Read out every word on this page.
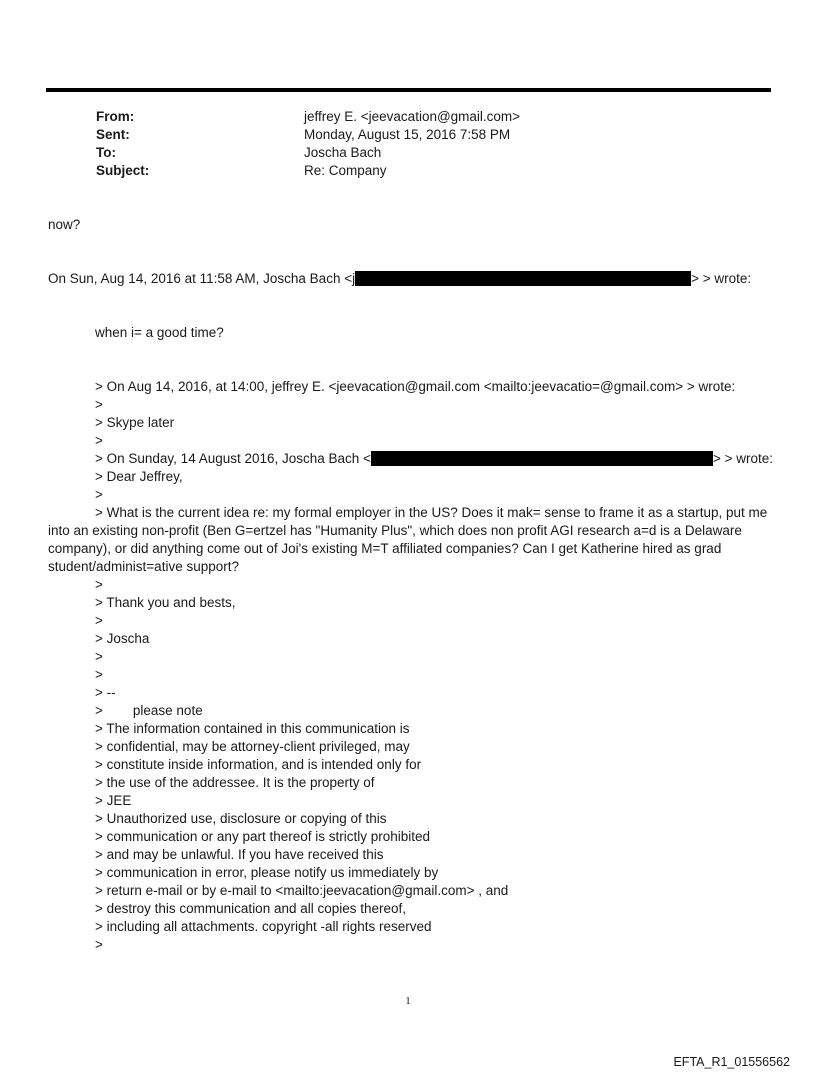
From:	jeffrey E. <jeevacation@gmail.com>
Sent:	Monday, August 15, 2016 7:58 PM
To:	Joscha Bach
Subject:	Re: Company
now?
On Sun, Aug 14, 2016 at 11:58 AM, Joscha Bach <j	> > wrote:
when i= a good time?
> On Aug 14, 2016, at 14:00, jeffrey E. <jeevacation@gmail.com <mailto:jeevacatio=@gmail.com> > wrote:
>
> Skype later
>
> On Sunday, 14 August 2016, Joscha Bach <	> > wrote:
> Dear Jeffrey,
>
> What is the current idea re: my formal employer in the US? Does it mak= sense to frame it as a startup, put me
into an existing non-profit (Ben G=ertzel has "Humanity Plus", which does non profit AGI research a=d is a Delaware
company), or did anything come out of Joi's existing M=T affiliated companies? Can I get Katherine hired as grad
student/administ=ative support?
>
> Thank you and bests,
>
> Joscha
>
>
> --
>        please note
> The information contained in this communication is
> confidential, may be attorney-client privileged, may
> constitute inside information, and is intended only for
> the use of the addressee. It is the property of
> JEE
> Unauthorized use, disclosure or copying of this
> communication or any part thereof is strictly prohibited
> and may be unlawful. If you have received this
> communication in error, please notify us immediately by
> return e-mail or by e-mail to <mailto:jeevacation@gmail.com> , and
> destroy this communication and all copies thereof,
> including all attachments. copyright -all rights reserved
>
1
EFTA_R1_01556562
